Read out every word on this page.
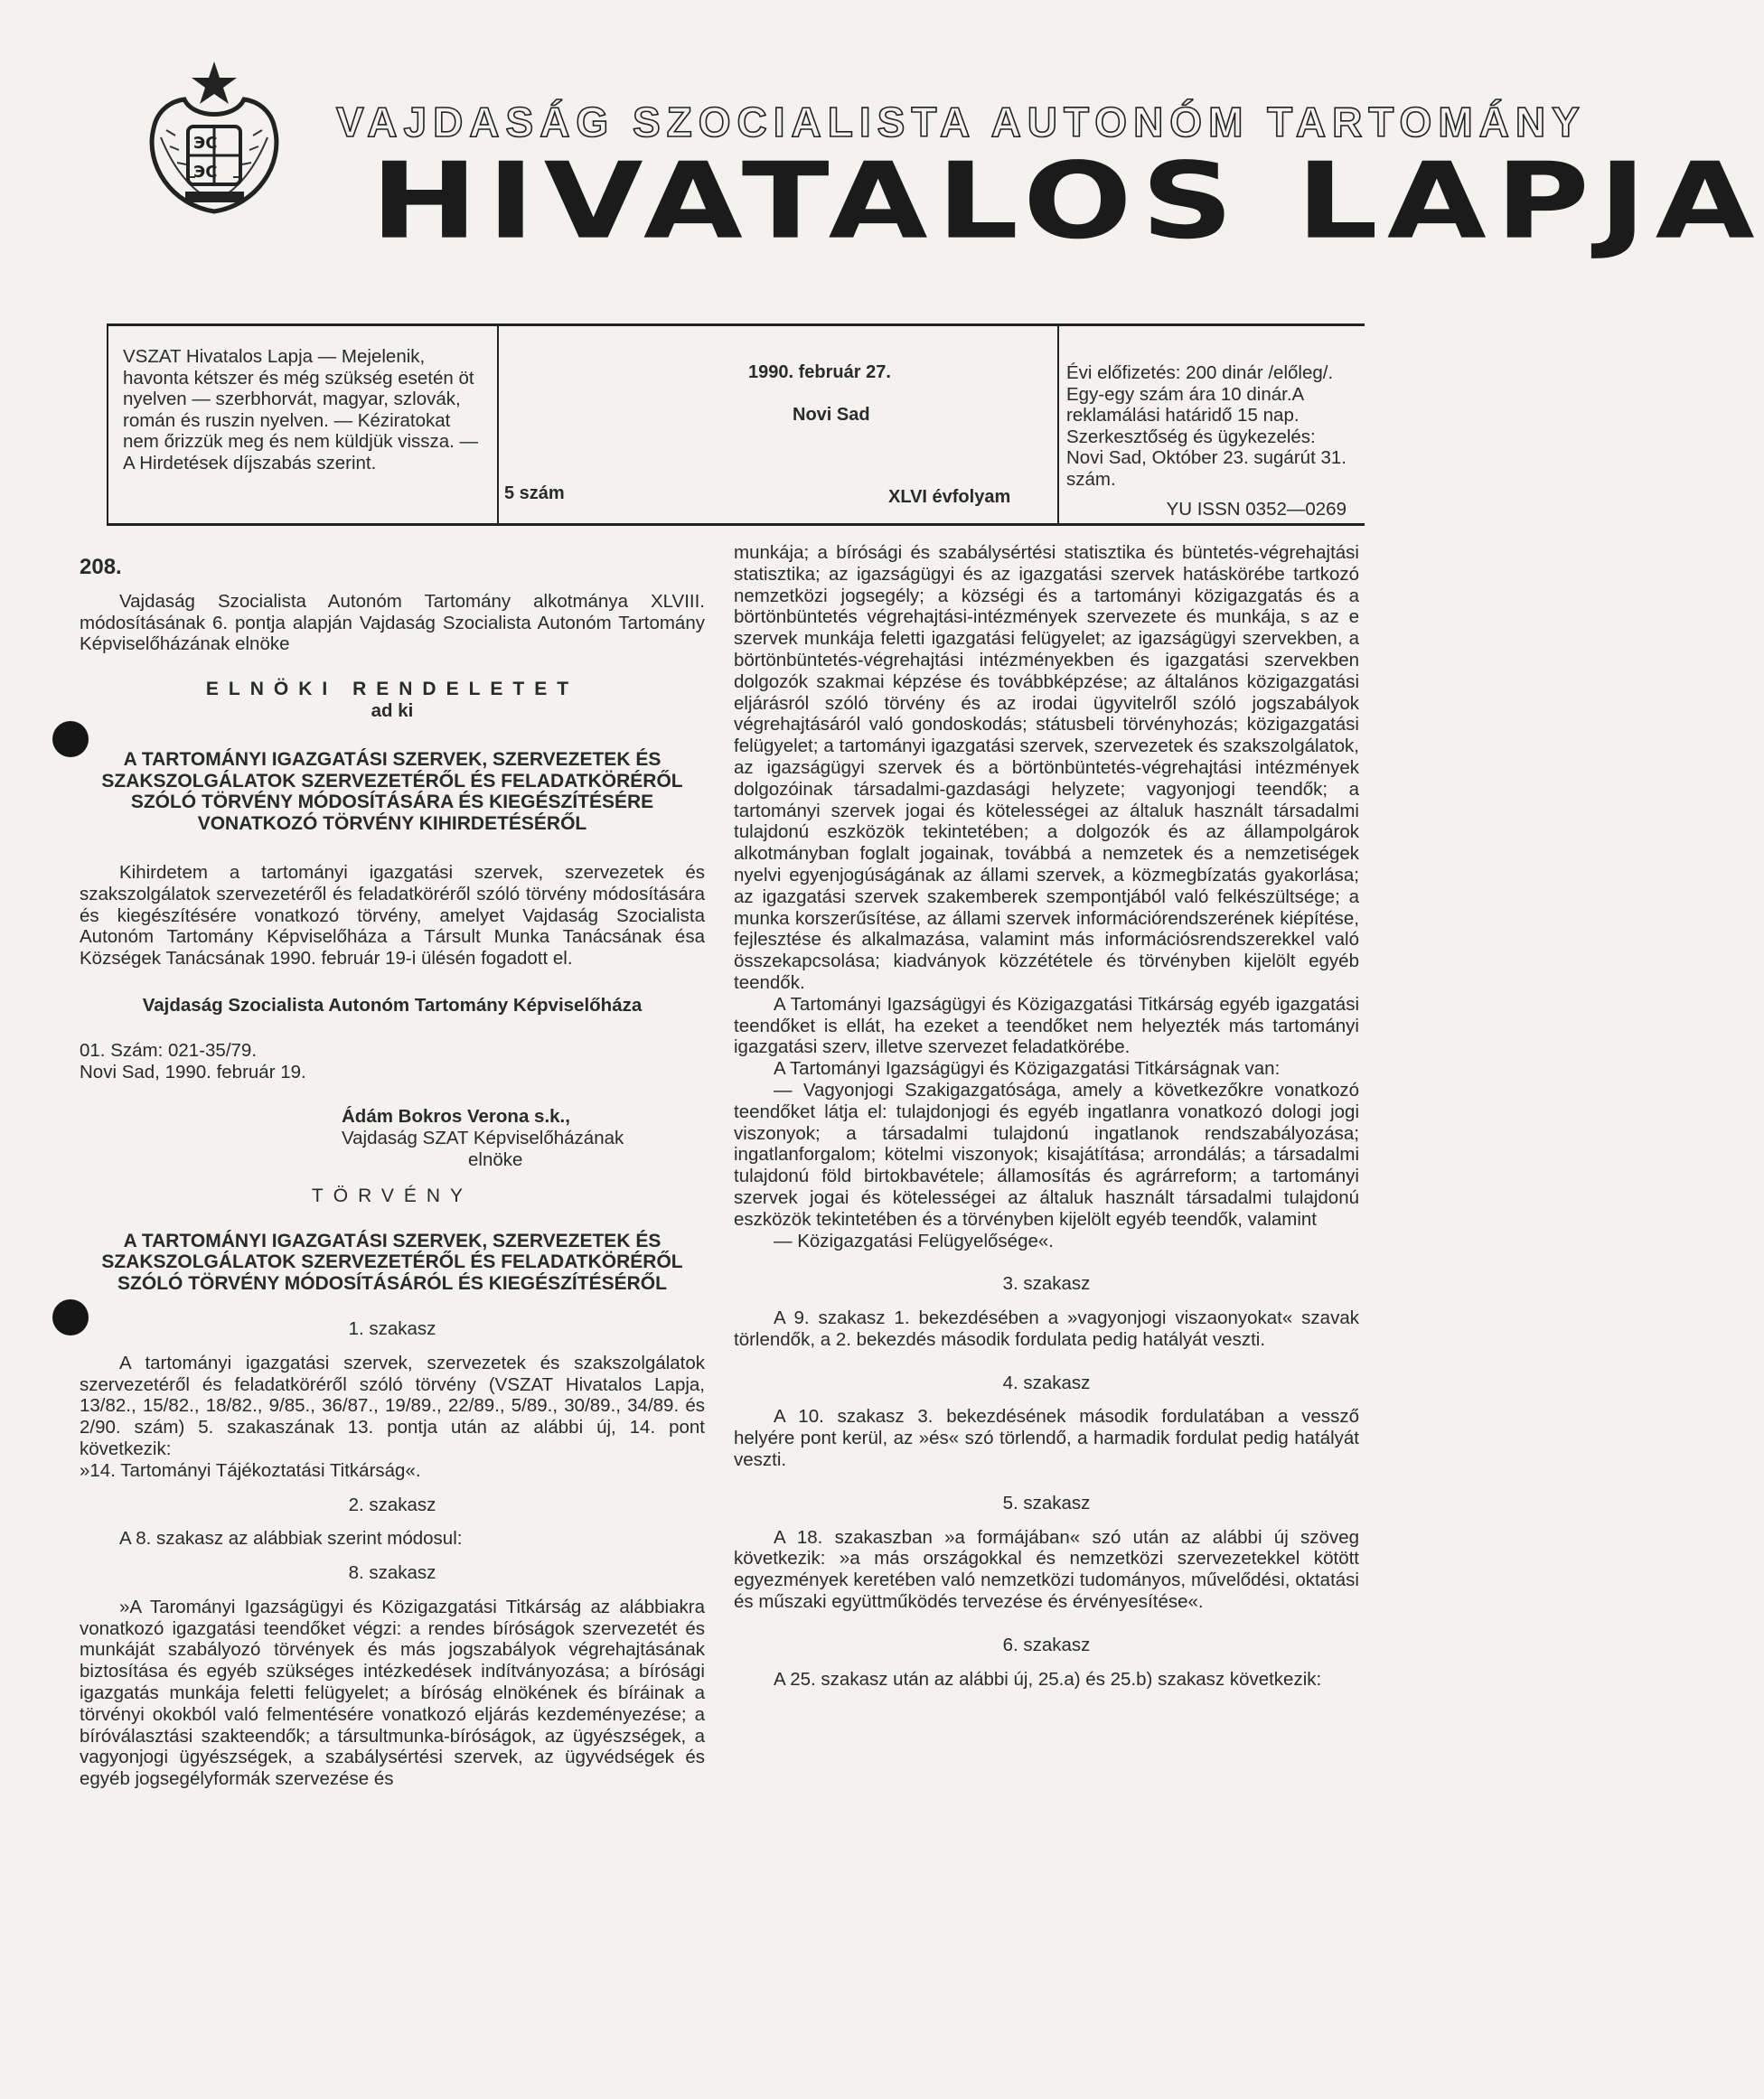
ЭС
ЭС
VAJDASÁG SZOCIALISTA AUTONÓM TARTOMÁNY
HIVATALOS LAPJA
VSZAT Hivatalos Lapja — Mejelenik, havonta kétszer és még szükség esetén öt nyelven — szerbhorvát, magyar, szlovák, román és ruszin nyelven. — Kéziratokat nem őrizzük meg és nem küldjük vissza. — A Hirdetések díjszabás szerint.
1990. február 27.
Novi Sad
5 szám	XLVI évfolyam
Évi előfizetés: 200 dinár /előleg/. Egy-egy szám ára 10 dinár.A reklamálási határidő 15 nap. Szerkesztőség és ügykezelés: Novi Sad, Október 23. sugárút 31. szám.
YU ISSN 0352—0269
208.

Vajdaság Szocialista Autonóm Tartomány alkotmánya XLVIII. módosításának 6. pontja alapján Vajdaság Szocialista Autonóm Tartomány Képviselőházának elnöke

ELNÖKI RENDELETET

ad ki

A TARTOMÁNYI IGAZGATÁSI SZERVEK, SZERVEZETEK ÉS SZAKSZOLGÁLATOK SZERVEZETÉRŐL ÉS FELADATKÖRÉRŐL SZÓLÓ TÖRVÉNY MÓDOSÍTÁSÁRA ÉS KIEGÉSZÍTÉSÉRE VONATKOZÓ TÖRVÉNY KIHIRDETÉSÉRŐL

Kihirdetem a tartományi igazgatási szervek, szervezetek és szakszolgálatok szervezetéről és feladatköréről szóló törvény módosítására és kiegészítésére vonatkozó törvény, amelyet Vajdaság Szocialista Autonóm Tartomány Képviselőháza a Társult Munka Tanácsának ésa Községek Tanácsának 1990. február 19-i ülésén fogadott el.

Vajdaság Szocialista Autonóm Tartomány Képviselőháza

01. Szám: 021-35/79.

Novi Sad, 1990. február 19.

Ádám Bokros Verona s.k.,

Vajdaság SZAT Képviselőházának

elnöke

TÖRVÉNY

A TARTOMÁNYI IGAZGATÁSI SZERVEK, SZERVEZETEK ÉS SZAKSZOLGÁLATOK SZERVEZETÉRŐL ÉS FELADATKÖRÉRŐL SZÓLÓ TÖRVÉNY MÓDOSÍTÁSÁRÓL ÉS KIEGÉSZÍTÉSÉRŐL

1. szakasz

A tartományi igazgatási szervek, szervezetek és szakszolgálatok szervezetéről és feladatköréről szóló törvény (VSZAT Hivatalos Lapja, 13/82., 15/82., 18/82., 9/85., 36/87., 19/89., 22/89., 5/89., 30/89., 34/89. és 2/90. szám) 5. szakaszának 13. pontja után az alábbi új, 14. pont következik:

»14. Tartományi Tájékoztatási Titkárság«.

2. szakasz

A 8. szakasz az alábbiak szerint módosul:

8. szakasz

»A Tarományi Igazságügyi és Közigazgatási Titkárság az alábbiakra vonatkozó igazgatási teendőket végzi: a rendes bíróságok szervezetét és munkáját szabályozó törvények és más jogszabályok végrehajtásának biztosítása és egyéb szükséges intézkedések indítványozása; a bírósági igazgatás munkája feletti felügyelet; a bíróság elnökének és bíráinak a törvényi okokból való felmentésére vonatkozó eljárás kezdeményezése; a bíróválasztási szakteendők; a társultmunka-bíróságok, az ügyészségek, a vagyonjogi ügyészségek, a szabálysértési szervek, az ügyvédségek és egyéb jogsegélyformák szervezése és

munkája; a bírósági és szabálysértési statisztika és büntetés-végrehajtási statisztika; az igazságügyi és az igazgatási szervek hatáskörébe tartkozó nemzetközi jogsegély; a községi és a tartományi közigazgatás és a börtönbüntetés végrehajtási-intézmények szervezete és munkája, s az e szervek munkája feletti igazgatási felügyelet; az igazságügyi szervekben, a börtönbüntetés-végrehajtási intézményekben és igazgatási szervekben dolgozók szakmai képzése és továbbképzése; az általános közigazgatási eljárásról szóló törvény és az irodai ügyvitelről szóló jogszabályok végrehajtásáról való gondoskodás; státusbeli törvényhozás; közigazgatási felügyelet; a tartományi igazgatási szervek, szervezetek és szakszolgálatok, az igazságügyi szervek és a börtönbüntetés-végrehajtási intézmények dolgozóinak társadalmi-gazdasági helyzete; vagyonjogi teendők; a tartományi szervek jogai és kötelességei az általuk használt társadalmi tulajdonú eszközök tekintetében; a dolgozók és az állampolgárok alkotmányban foglalt jogainak, továbbá a nemzetek és a nemzetiségek nyelvi egyenjogúságának az állami szervek, a közmegbízatás gyakorlása; az igazgatási szervek szakemberek szempontjából való felkészültsége; a munka korszerűsítése, az állami szervek információrendszerének kiépítése, fejlesztése és alkalmazása, valamint más információsrendszerekkel való összekapcsolása; kiadványok közzététele és törvényben kijelölt egyéb teendők.

A Tartományi Igazságügyi és Közigazgatási Titkárság egyéb igazgatási teendőket is ellát, ha ezeket a teendőket nem helyezték más tartományi igazgatási szerv, illetve szervezet feladatkörébe.

A Tartományi Igazságügyi és Közigazgatási Titkárságnak van:

— Vagyonjogi Szakigazgatósága, amely a következőkre vonatkozó teendőket látja el: tulajdonjogi és egyéb ingatlanra vonatkozó dologi jogi viszonyok; a társadalmi tulajdonú ingatlanok rendszabályozása; ingatlanforgalom; kötelmi viszonyok; kisajátítása; arrondálás; a társadalmi tulajdonú föld birtokbavétele; államosítás és agrárreform; a tartományi szervek jogai és kötelességei az általuk használt társadalmi tulajdonú eszközök tekintetében és a törvényben kijelölt egyéb teendők, valamint

— Közigazgatási Felügyelősége«.

3. szakasz

A 9. szakasz 1. bekezdésében a »vagyonjogi viszaonyokat« szavak törlendők, a 2. bekezdés második fordulata pedig hatályát veszti.

4. szakasz

A 10. szakasz 3. bekezdésének második fordulatában a vessző helyére pont kerül, az »és« szó törlendő, a harmadik fordulat pedig hatályát veszti.

5. szakasz

A 18. szakaszban »a formájában« szó után az alábbi új szöveg következik: »a más országokkal és nemzetközi szervezetekkel kötött egyezmények keretében való nemzetközi tudományos, művelődési, oktatási és műszaki együttműködés tervezése és érvényesítése«.

6. szakasz

A 25. szakasz után az alábbi új, 25.a) és 25.b) szakasz következik:
